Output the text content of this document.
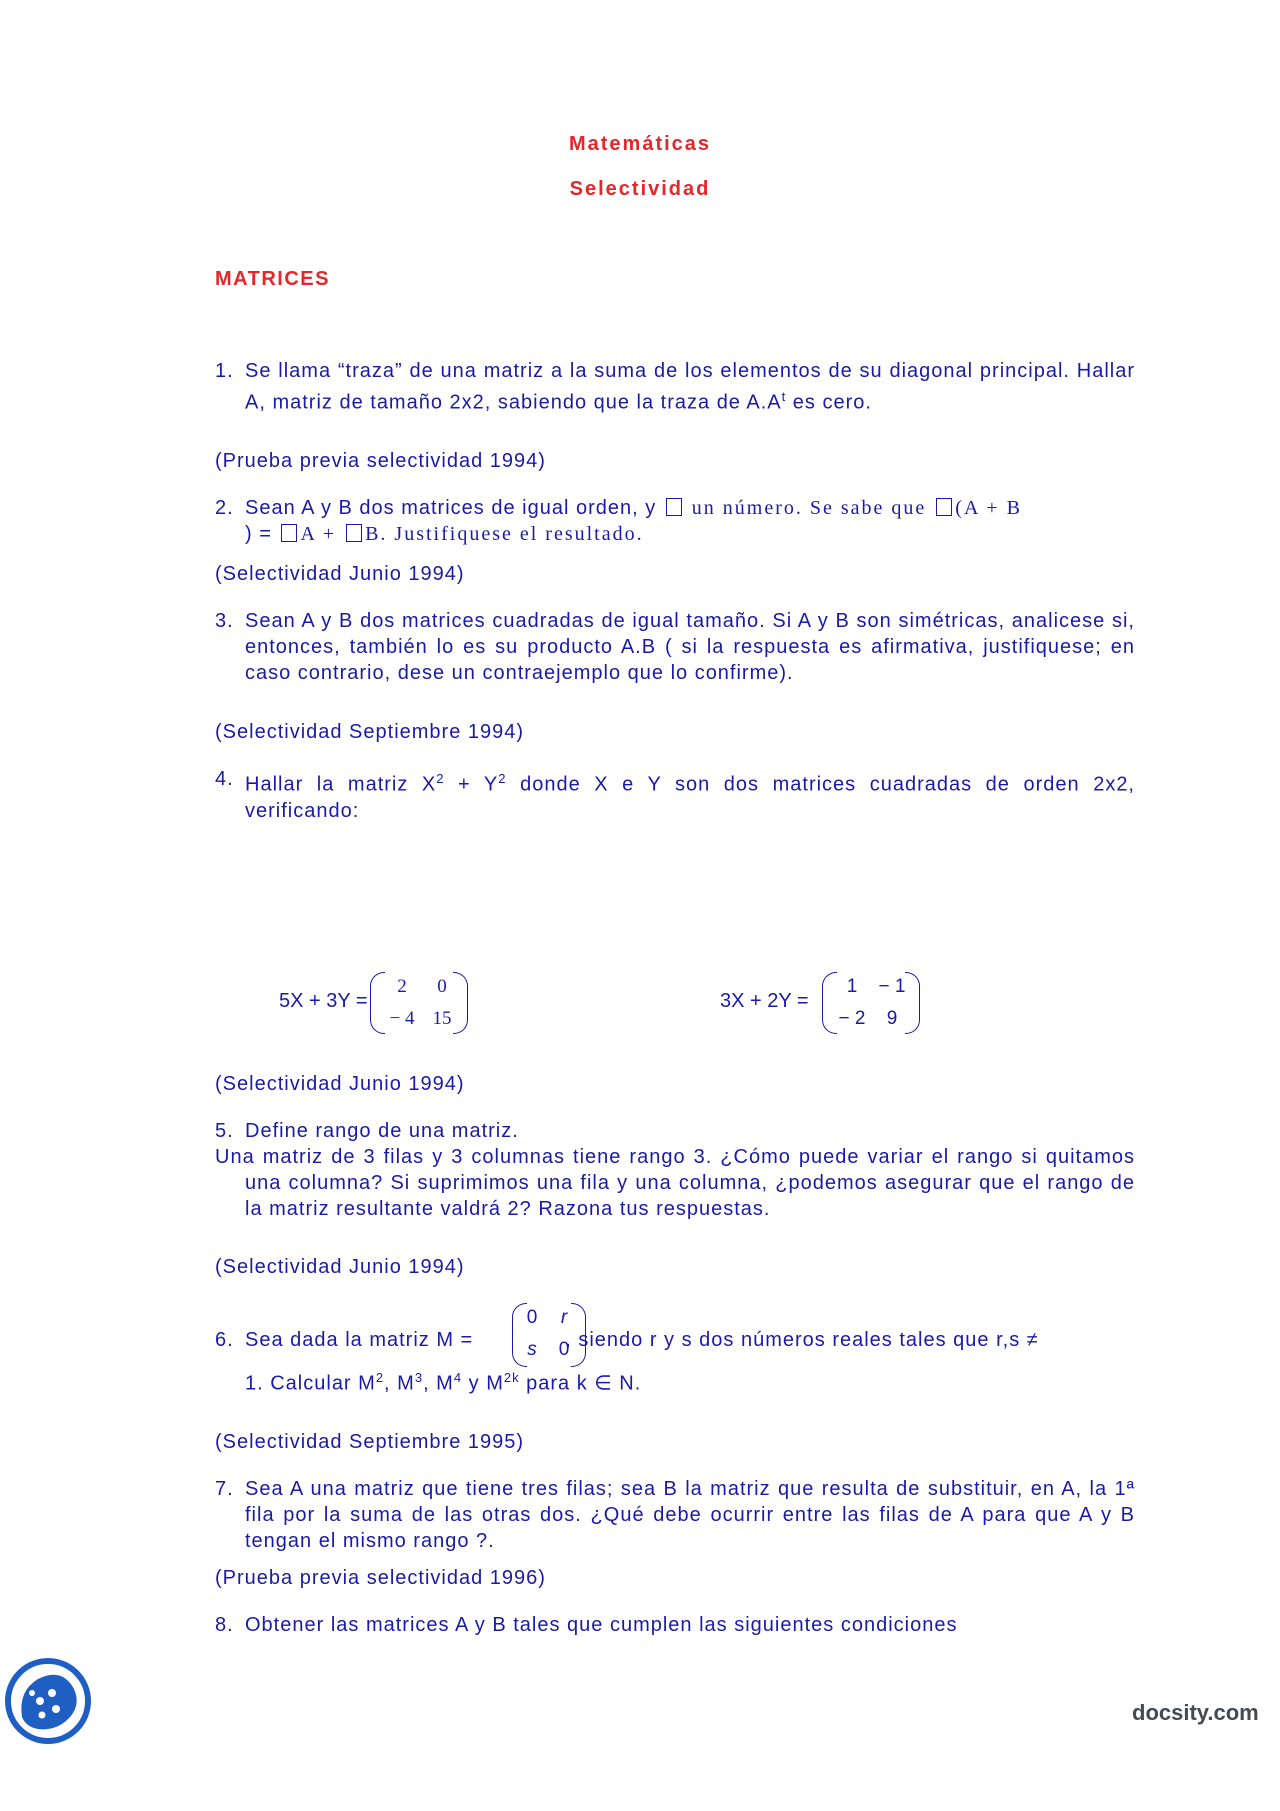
Matemáticas
Selectividad
MATRICES
1. Se llama “traza” de una matriz a la suma de los elementos de su diagonal principal. Hallar A, matriz de tamaño 2x2, sabiendo que la traza de $A.A^t$ es cero.
(Prueba previa selectividad 1994)
2. Sean A y B dos matrices de igual orden, y  un número. Se sabe que (A + B
) = A + B. Justifiquese el resultado.
(Selectividad Junio 1994)
3. Sean A y B dos matrices cuadradas de igual tamaño. Si A y B son simétricas, analicese si, entonces, también lo es su producto A.B ( si la respuesta es afirmativa, justifiquese; en caso contrario, dese un contraejemplo que lo confirme).
(Selectividad Septiembre 1994)
4. Hallar la matriz $X^2 + Y^2$ donde X e Y son dos matrices cuadradas de orden 2x2, verificando:
5X + 3Y =
2	0
− 4 15
3X + 2Y =
1	− 1
− 2	9
(Selectividad Junio 1994)
5. Define rango de una matriz.
Una matriz de 3 filas y 3 columnas tiene rango 3. ¿Cómo puede variar el rango si quitamos una columna? Si suprimimos una fila y una columna, ¿podemos asegurar que el rango de la matriz resultante valdrá 2? Razona tus respuestas.
(Selectividad Junio 1994)
6. Sea dada la matriz M =	, siendo r y s dos números reales tales que r,s ≠
1. Calcular $M^2$, $M^3$, $M^4$ y $M^{2k}$ para k ∈ N.
0	r
s	0
(Selectividad Septiembre 1995)
7. Sea A una matriz que tiene tres filas; sea B la matriz que resulta de substituir, en A, la 1ª fila por la suma de las otras dos. ¿Qué debe ocurrir entre las filas de A para que A y B tengan el mismo rango ?.
(Prueba previa selectividad 1996)
8. Obtener las matrices A y B tales que cumplen las siguientes condiciones
docsity.com
